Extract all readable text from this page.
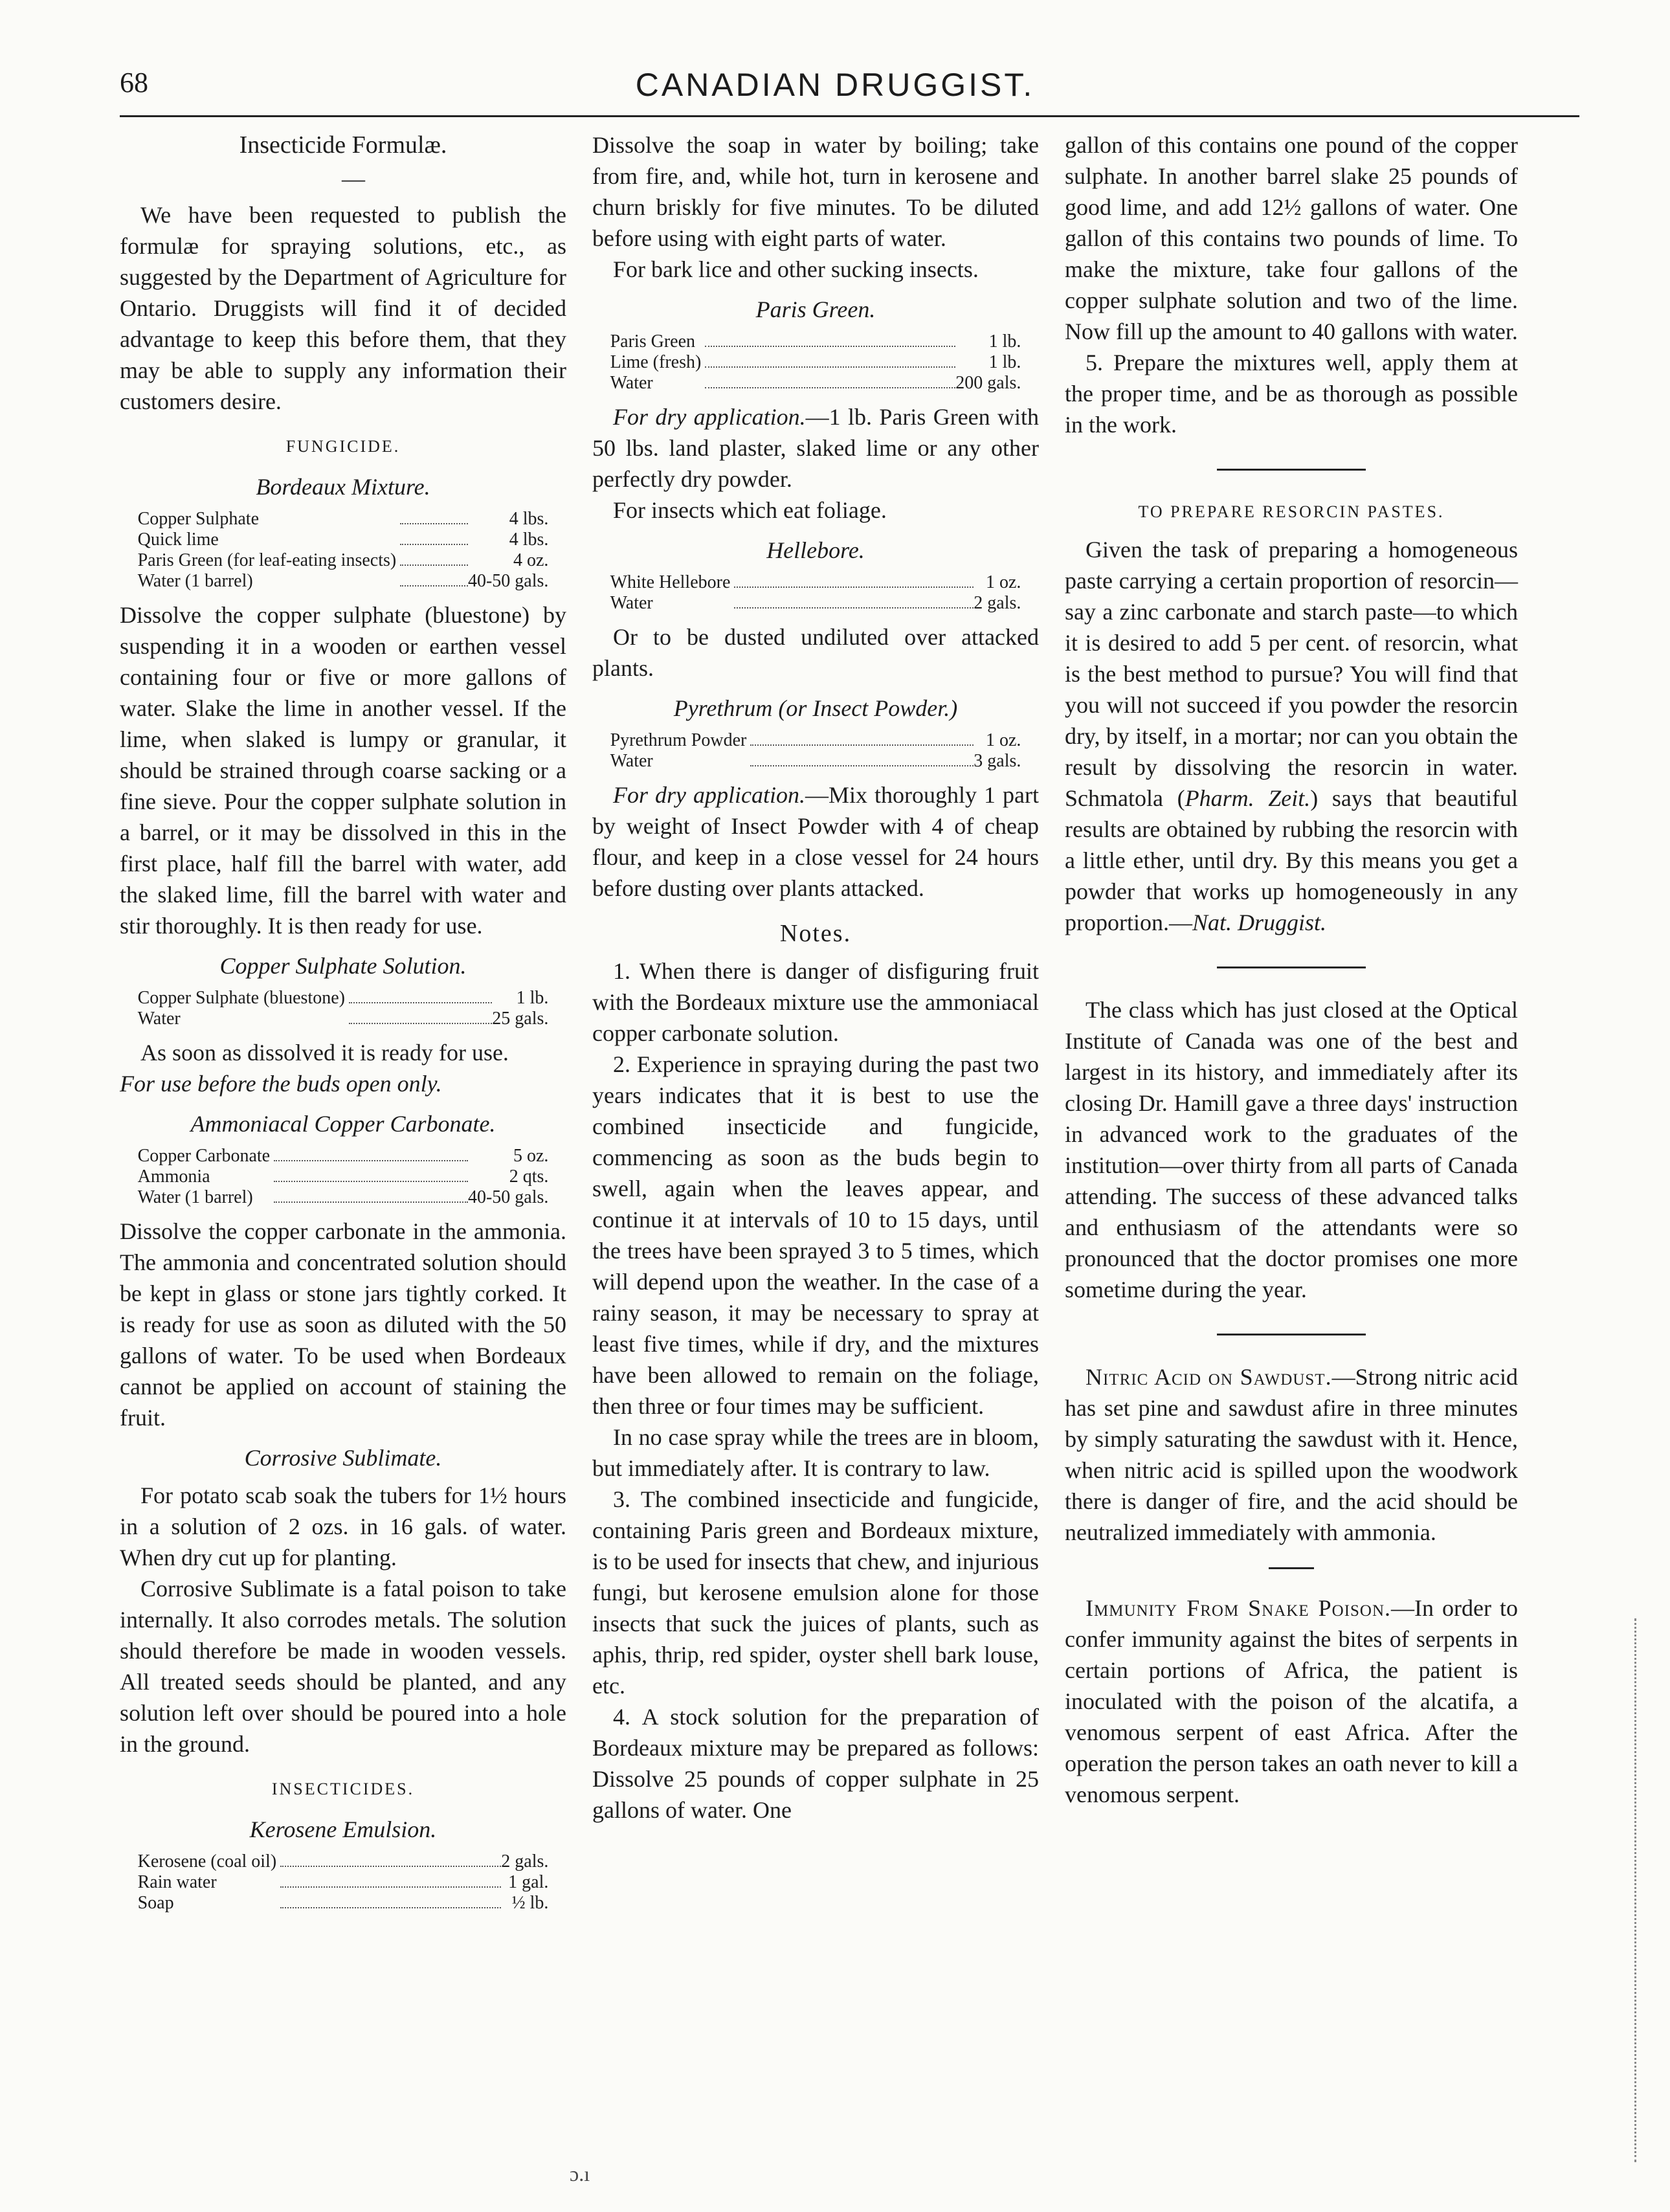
68	CANADIAN DRUGGIST.

Insecticide Formulæ.

—

We have been requested to publish the formulæ for spraying solutions, etc., as suggested by the Department of Agriculture for Ontario. Druggists will find it of decided advantage to keep this before them, that they may be able to supply any information their customers desire.

FUNGICIDE.

Bordeaux Mixture.

Copper Sulphate		4 lbs.
Quick lime		4 lbs.
Paris Green (for leaf-eating insects)		4 oz.
Water (1 barrel)		40-50 gals.

Dissolve the copper sulphate (bluestone) by suspending it in a wooden or earthen vessel containing four or five or more gallons of water. Slake the lime in another vessel. If the lime, when slaked is lumpy or granular, it should be strained through coarse sacking or a fine sieve. Pour the copper sulphate solution in a barrel, or it may be dissolved in this in the first place, half fill the barrel with water, add the slaked lime, fill the barrel with water and stir thoroughly. It is then ready for use.

Copper Sulphate Solution.

Copper Sulphate (bluestone)		1 lb.
Water		25 gals.

As soon as dissolved it is ready for use.

For use before the buds open only.

Ammoniacal Copper Carbonate.

Copper Carbonate		5 oz.
Ammonia		2 qts.
Water (1 barrel)		40-50 gals.

Dissolve the copper carbonate in the ammonia. The ammonia and concentrated solution should be kept in glass or stone jars tightly corked. It is ready for use as soon as diluted with the 50 gallons of water. To be used when Bordeaux cannot be applied on account of staining the fruit.

Corrosive Sublimate.

For potato scab soak the tubers for 1½ hours in a solution of 2 ozs. in 16 gals. of water. When dry cut up for planting.

Corrosive Sublimate is a fatal poison to take internally. It also corrodes metals. The solution should therefore be made in wooden vessels. All treated seeds should be planted, and any solution left over should be poured into a hole in the ground.

INSECTICIDES.

Kerosene Emulsion.

Kerosene (coal oil)		2 gals.
Rain water		1 gal.
Soap		½ lb.

Dissolve the soap in water by boiling; take from fire, and, while hot, turn in kerosene and churn briskly for five minutes. To be diluted before using with eight parts of water.

For bark lice and other sucking insects.

Paris Green.

Paris Green		1 lb.
Lime (fresh)		1 lb.
Water		200 gals.

For dry application.—1 lb. Paris Green with 50 lbs. land plaster, slaked lime or any other perfectly dry powder.

For insects which eat foliage.

Hellebore.

White Hellebore		1 oz.
Water		2 gals.

Or to be dusted undiluted over attacked plants.

Pyrethrum (or Insect Powder.)

Pyrethrum Powder		1 oz.
Water		3 gals.

For dry application.—Mix thoroughly 1 part by weight of Insect Powder with 4 of cheap flour, and keep in a close vessel for 24 hours before dusting over plants attacked.

Notes.

1. When there is danger of disfiguring fruit with the Bordeaux mixture use the ammoniacal copper carbonate solution.

2. Experience in spraying during the past two years indicates that it is best to use the combined insecticide and fungicide, commencing as soon as the buds begin to swell, again when the leaves appear, and continue it at intervals of 10 to 15 days, until the trees have been sprayed 3 to 5 times, which will depend upon the weather. In the case of a rainy season, it may be necessary to spray at least five times, while if dry, and the mixtures have been allowed to remain on the foliage, then three or four times may be sufficient.

In no case spray while the trees are in bloom, but immediately after. It is contrary to law.

3. The combined insecticide and fungicide, containing Paris green and Bordeaux mixture, is to be used for insects that chew, and injurious fungi, but kerosene emulsion alone for those insects that suck the juices of plants, such as aphis, thrip, red spider, oyster shell bark louse, etc.

4. A stock solution for the preparation of Bordeaux mixture may be prepared as follows: Dissolve 25 pounds of copper sulphate in 25 gallons of water. One

gallon of this contains one pound of the copper sulphate. In another barrel slake 25 pounds of good lime, and add 12½ gallons of water. One gallon of this contains two pounds of lime. To make the mixture, take four gallons of the copper sulphate solution and two of the lime. Now fill up the amount to 40 gallons with water.

5. Prepare the mixtures well, apply them at the proper time, and be as thorough as possible in the work.

TO PREPARE RESORCIN PASTES.

Given the task of preparing a homogeneous paste carrying a certain proportion of resorcin—say a zinc carbonate and starch paste—to which it is desired to add 5 per cent. of resorcin, what is the best method to pursue? You will find that you will not succeed if you powder the resorcin dry, by itself, in a mortar; nor can you obtain the result by dissolving the resorcin in water. Schmatola (Pharm. Zeit.) says that beautiful results are obtained by rubbing the resorcin with a little ether, until dry. By this means you get a powder that works up homogeneously in any proportion.—Nat. Druggist.

The class which has just closed at the Optical Institute of Canada was one of the best and largest in its history, and immediately after its closing Dr. Hamill gave a three days' instruction in advanced work to the graduates of the institution—over thirty from all parts of Canada attending. The success of these advanced talks and enthusiasm of the attendants were so pronounced that the doctor promises one more sometime during the year.

Nitric Acid on Sawdust.—Strong nitric acid has set pine and sawdust afire in three minutes by simply saturating the sawdust with it. Hence, when nitric acid is spilled upon the woodwork there is danger of fire, and the acid should be neutralized immediately with ammonia.

Immunity From Snake Poison.—In order to confer immunity against the bites of serpents in certain portions of Africa, the patient is inoculated with the poison of the alcatifa, a venomous serpent of east Africa. After the operation the person takes an oath never to kill a venomous serpent.

ɔ.ı
